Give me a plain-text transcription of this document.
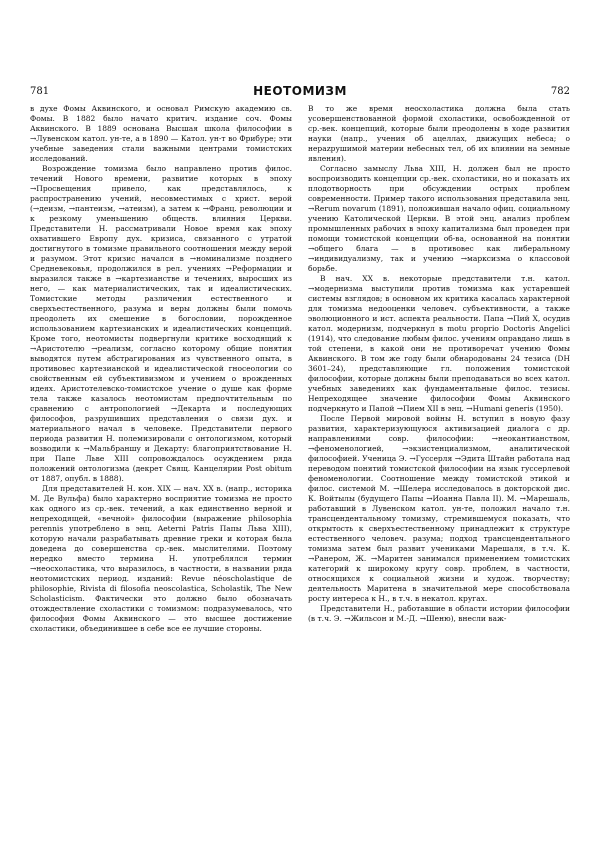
781	НЕОТОМИЗМ	782

в духе Фомы Аквинского, и основал Римскую академию св. Фомы. В 1882 было начато критич. издание соч. Фомы Аквинского. В 1889 основана Высшая школа философии в →Лувенском катол. ун-те, а в 1890 — Катол. ун-т во Фрибуре; эти учебные заведения стали важными центрами томистских исследований.

Возрождение томизма было направлено против филос. течений Нового времени, развитие которых в эпоху →Просвещения привело, как представлялось, к распространению учений, несовместимых с христ. верой (→деизм, →пантеизм, →атеизм), а затем к →Франц. революции и к резкому уменьшению обществ. влияния Церкви. Представители Н. рассматривали Новое время как эпоху охватившего Европу дух. кризиса, связанного с утратой достигнутого в томизме правильного соотношения между верой и разумом. Этот кризис начался в →номинализме позднего Средневековья, продолжился в рел. учениях →Реформации и выразился также в →картезианстве и течениях, выросших из него, — как материалистических, так и идеалистических. Томистские методы различения естественного и сверхъестественного, разума и веры должны были помочь преодолеть их смешение в богословии, порожденное использованием картезианских и идеалистических концепций. Кроме того, неотомисты подвергнули критике восходящий к →Аристотелю →реализм, согласно которому общие понятия выводятся путем абстрагирования из чувственного опыта, в противовес картезианской и идеалистической гносеологии со свойственным ей субъективизмом и учением о врожденных идеях. Аристотелевско-томистское учение о душе как форме тела также казалось неотомистам предпочтительным по сравнению с антропологией →Декарта и последующих философов, разрушивших представления о связи дух. и материального начал в человеке. Представители первого периода развития Н. полемизировали с онтологизмом, который возводили к →Мальбраншу и Декарту: благоприятствование Н. при Папе Льве XIII сопровождалось осуждением ряда положений онтологизма (декрет Свящ. Канцелярии Post obitum от 1887, опубл. в 1888).

Для представителей Н. кон. XIX — нач. XX в. (напр., историка М. Де Вульфа) было характерно восприятие томизма не просто как одного из ср.-век. течений, а как единственно верной и непреходящей, «вечной» философии (выражение philosophia perennis употреблено в энц. Aeterni Patris Папы Льва XIII), которую начали разрабатывать древние греки и которая была доведена до совершенства ср.-век. мыслителями. Поэтому нередко вместо термина Н. употреблялся термин →неосхоластика, что выразилось, в частности, в названии ряда неотомистских период. изданий: Revue néoscholastique de philosophie, Rivista di filosofia neoscolastica, Scholastik, The New Scholasticism. Фактически это должно было обозначать отождествление схоластики с томизмом: подразумевалось, что философия Фомы Аквинского — это высшее достижение схоластики, объединившее в себе все ее лучшие стороны.

В то же время неосхоластика должна была стать усовершенствованной формой схоластики, освобожденной от ср.-век. концепций, которые были преодолены в ходе развития науки (напр., учения об ацеллах, движущих небеса; о нерazрушимой материи небесных тел, об их влиянии на земные явления).

Согласно замыслу Льва XIII, Н. должен был не просто воспроизводить концепции ср.-век. схоластики, но и показать их плодотворность при обсуждении острых проблем современности. Пример такого использования представила энц. →Rerum novarum (1891), положившая начало офиц. социальному учению Католической Церкви. В этой энц. анализ проблем промышленных рабочих в эпоху капитализма был проведен при помощи томистской концепции об-ва, основанной на понятии →общего блага — в противовес как либеральному →индивидуализму, так и учению →марксизма о классовой борьбе.

В нач. XX в. некоторые представители т.н. катол. →модернизма выступили против томизма как устаревшей системы взглядов; в основном их критика касалась характерной для томизма недооценки человеч. субъективности, а также эволюционного и ист. аспекта реальности. Папа →Пий X, осудив катол. модернизм, подчеркнул в motu proprio Doctoris Angelici (1914), что следование любым филос. учениям оправдано лишь в той степени, в какой они не противоречат учению Фомы Аквинского. В том же году были обнародованы 24 тезиса (DH 3601–24), представляющие гл. положения томистской философии, которые должны были преподаваться во всех катол. учебных заведениях как фундаментальные филос. тезисы. Непреходящее значение философии Фомы Аквинского подчеркнуто и Папой →Пием XII в энц. →Humani generis (1950).

После Первой мировой войны Н. вступил в новую фазу развития, характеризующуюся активизацией диалога с др. направлениями совр. философии: →неокантианством, →феноменологией, →экзистенциализмом, аналитической философией. Ученица Э. →Гуссерля →Эдита Штайн работала над переводом понятий томистской философии на язык гуссерлевой феноменологии. Соотношение между томистской этикой и филос. системой М. →Шелера исследовалось в докторской дис. К. Войтылы (будущего Папы →Иоанна Павла II). М. →Марешаль, работавший в Лувенском катол. ун-те, положил начало т.н. трансцендентальному томизму, стремившемуся показать, что открытость к сверхъестественному принадлежит к структуре естественного человеч. разума; подход трансцендентального томизма затем был развит учениками Марешаля, в т.ч. К. →Ранером, Ж. →Маритен занимался применением томистских категорий к широкому кругу совр. проблем, в частности, относящихся к социальной жизни и худож. творчеству; деятельность Маритена в значительной мере способствовала росту интереса к Н., в т.ч. в некатол. кругах.

Представители Н., работавшие в области истории философии (в т.ч. Э. →Жильсон и М.-Д. →Шеню), внесли важ-
